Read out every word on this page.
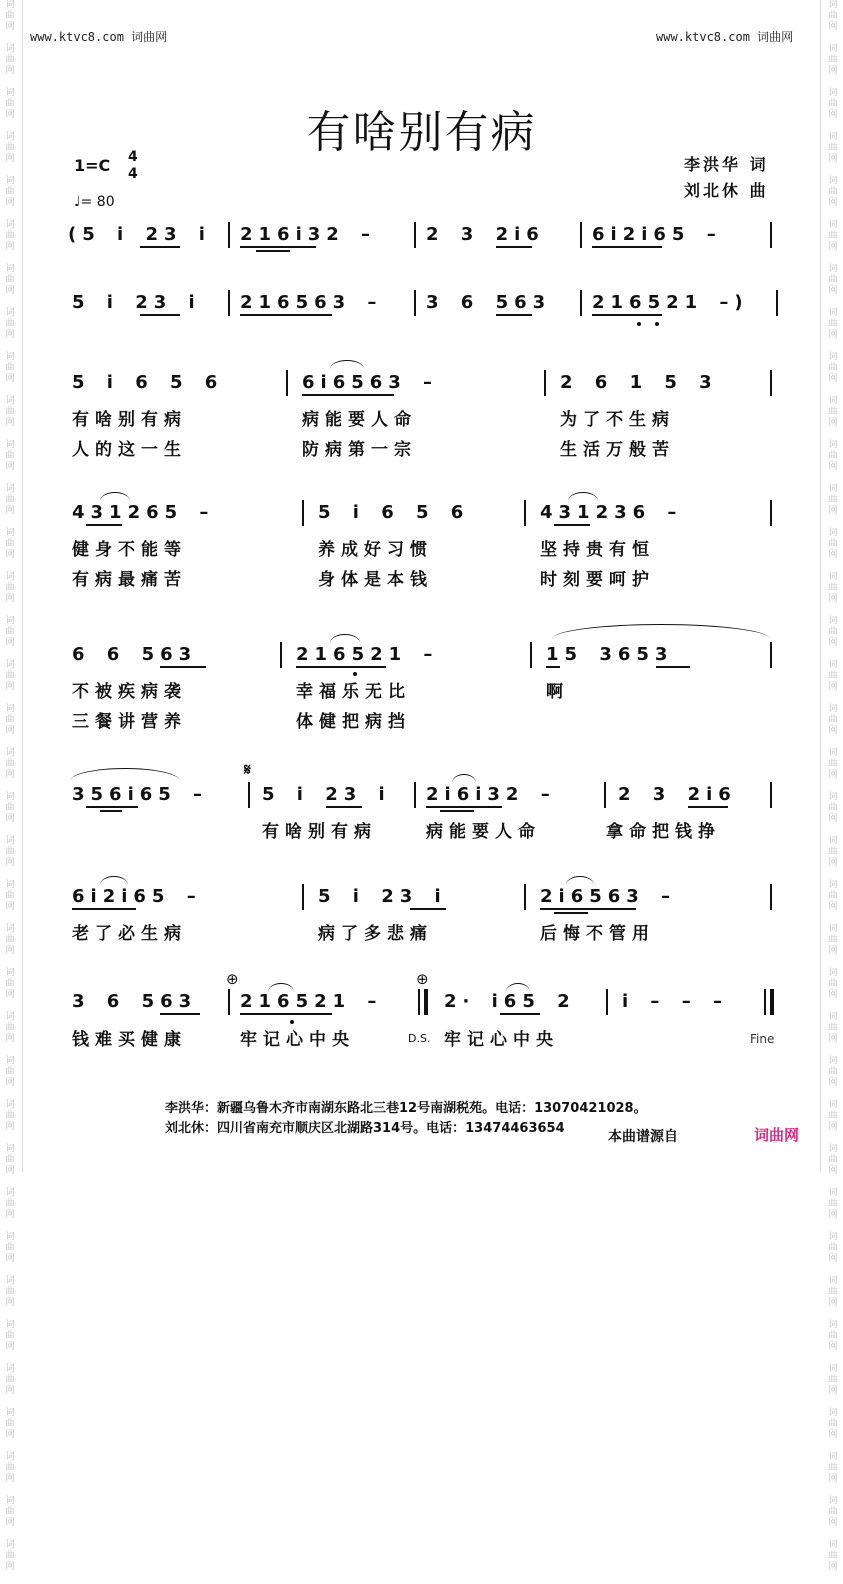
词
曲
网

词
曲
网

词
曲
网

词
曲
网

词
曲
网

词
曲
网

词
曲
网

词
曲
网

词
曲
网

词
曲
网

词
曲
网

词
曲
网

词
曲
网

词
曲
网

词
曲
网

词
曲
网

词
曲
网

词
曲
网

词
曲
网

词
曲
网

词
曲
网

词
曲
网

词
曲
网

词
曲
网

词
曲
网

词
曲
网

词
曲
网

词
曲
网

词
曲
网

词
曲
网

词
曲
网

词
曲
网

词
曲
网

词
曲
网

词
曲
网

词
曲
网

词
曲
网

词
曲
网

词
曲
网

词
曲
网

词
曲
网

词
曲
网

词
曲
网

词
曲
网

词
曲
网

词
曲
网

词
曲
网

词
曲
网

词
曲
网

词
曲
网

词
曲
网

词
曲
网

词
曲
网

词
曲
网

词
曲
网

词
曲
网

词
曲
网

词
曲
网

词
曲
网

词
曲
网

词
曲
网

词
曲
网

词
曲
网

词
曲
网

词
曲
网

词
曲
网

词
曲
网

词
曲
网

词
曲
网

词
曲
网

词
曲
网

词
曲
网

www.ktvc8.com 词曲网	www.ktvc8.com 词曲网
有啥别有病
1=C 4
4
♩= 80
李洪华 词
刘北休 曲
(5 i 23 i 216i32 –	2 3 2i6	6i2i65 –
5 i 23 i 216563 – 3 6 563 216521 –)
5 i 6 5 6	6i6563 –	2 6 1 5 3
有啥别有病	病能要人命	为了不生病
人的这一生	防病第一宗	生活万般苦
431265 –	5 i 6 5 6	431236 –
健身不能等	养成好习惯	坚持贵有恒
有病最痛苦	身体是本钱	时刻要呵护
6 6 563	216521 –	15 3653
不被疾病袭	幸福乐无比	啊
三餐讲营养	体健把病挡
𝄋
356i65 –	5 i 23 i 2i6i32 –	2 3 2i6
有啥别有病	病能要人命	拿命把钱挣
6i2i65 –	5 i 23 i	2i6563 –
老了必生病	病了多悲痛	后悔不管用
⊕	⊕
3 6 563 216521 –	2· i65 2	i – – –
钱难买健康	牢记心中央	D.S. 牢记心中央	Fine
李洪华：新疆乌鲁木齐市南湖东路北三巷12号南湖税苑。电话：13070421028。
刘北休：四川省南充市顺庆区北湖路314号。电话：13474463654
本曲谱源自	词曲网
